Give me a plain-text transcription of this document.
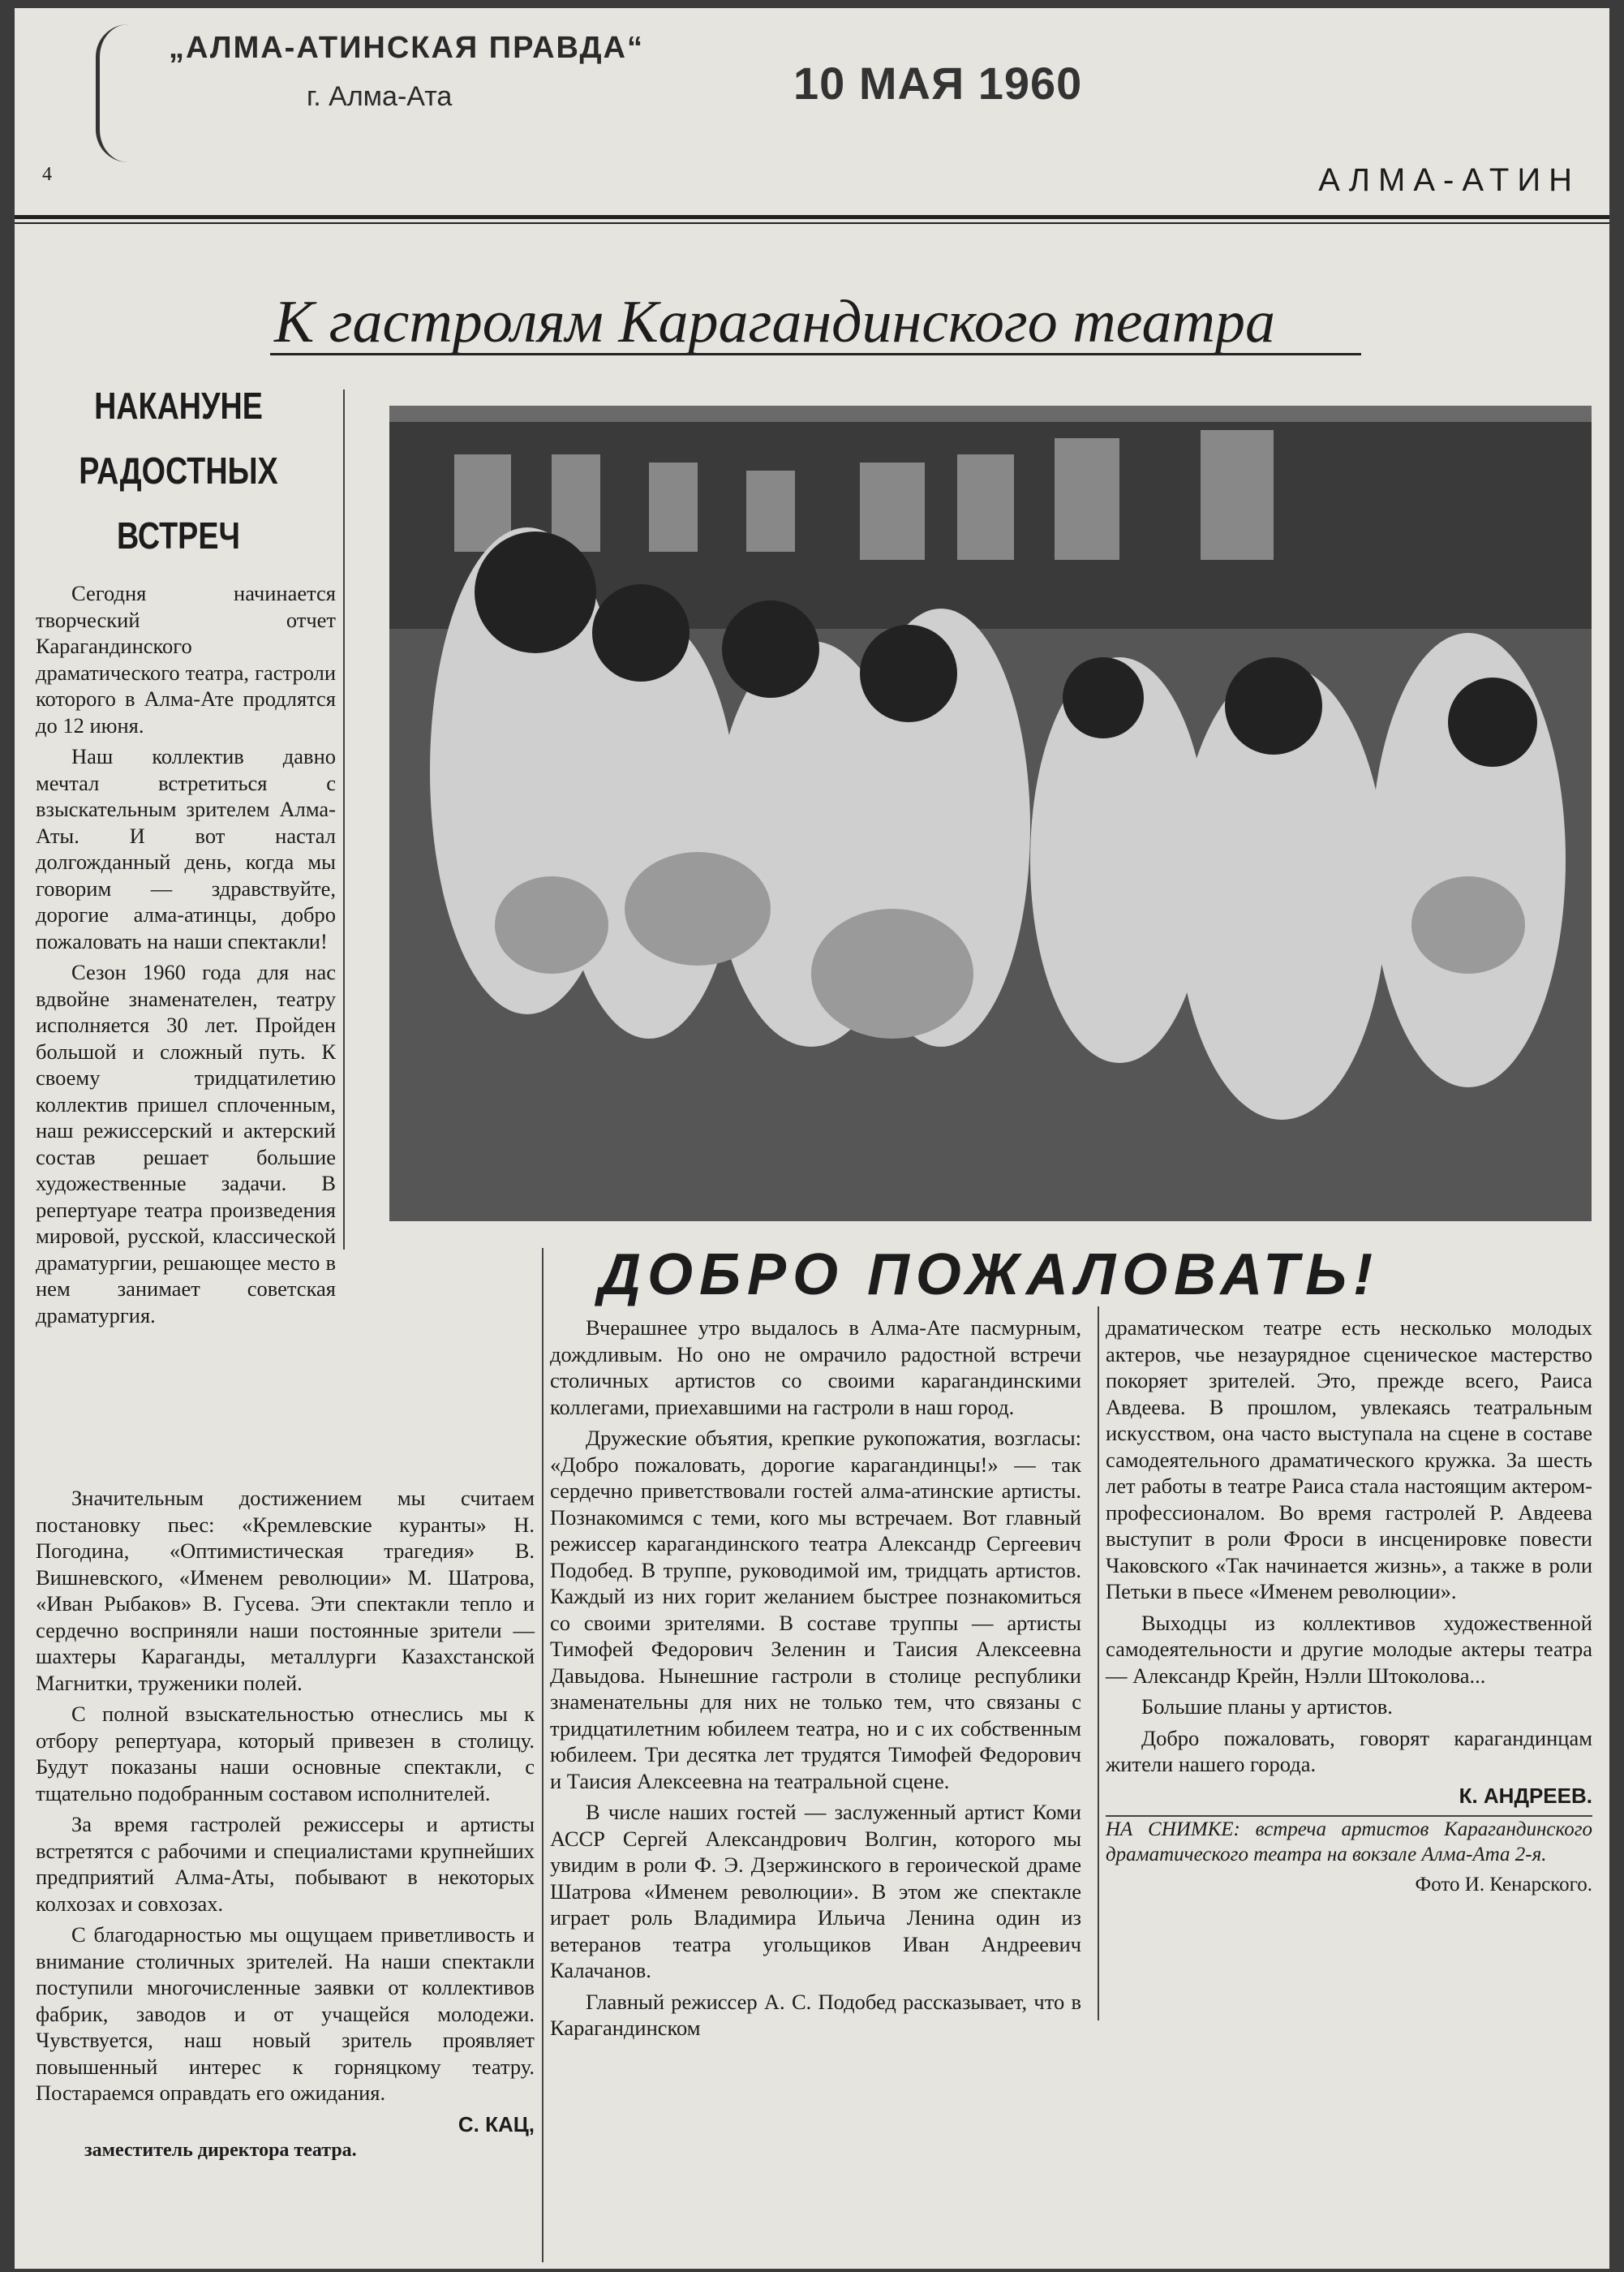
„АЛМА-АТИНСКАЯ ПРАВДА“
г. Алма-Ата	10 МАЯ 1960
4	АЛМА-АТИН
К гастролям Карагандинского театра
НАКАНУНЕ
РАДОСТНЫХ
ВСТРЕЧ

Сегодня начинается творческий отчет Карагандинского драматического театра, гастроли которого в Алма-Ате продлятся до 12 июня.

Наш коллектив давно мечтал встретиться с взыскательным зрителем Алма-Аты. И вот настал долгожданный день, когда мы говорим — здравствуйте, дорогие алма-атинцы, добро пожаловать на наши спектакли!

Сезон 1960 года для нас вдвойне знаменателен, театру исполняется 30 лет. Пройден большой и сложный путь. К своему тридцатилетию коллектив пришел сплоченным, наш режиссерский и актерский состав решает большие художественные задачи. В репертуаре театра произведения мировой, русской, классической драматургии, решающее место в нем занимает советская драматургия.

Значительным достижением мы считаем постановку пьес: «Кремлевские куранты» Н. Погодина, «Оптимистическая трагедия» В. Вишневского, «Именем революции» М. Шатрова, «Иван Рыбаков» В. Гусева. Эти спектакли тепло и сердечно восприняли наши постоянные зрители — шахтеры Караганды, металлурги Казахстанской Магнитки, труженики полей.

С полной взыскательностью отнеслись мы к отбору репертуара, который привезен в столицу. Будут показаны наши основные спектакли, с тщательно подобранным составом исполнителей.

За время гастролей режиссеры и артисты встретятся с рабочими и специалистами крупнейших предприятий Алма-Аты, побывают в некоторых колхозах и совхозах.

С благодарностью мы ощущаем приветливость и внимание столичных зрителей. На наши спектакли поступили многочисленные заявки от коллективов фабрик, заводов и от учащейся молодежи. Чувствуется, наш новый зритель проявляет повышенный интерес к горняцкому театру. Постараемся оправдать его ожидания.

С. КАЦ,
заместитель директора театра.
ДОБРО ПОЖАЛОВАТЬ!

Вчерашнее утро выдалось в Алма-Ате пасмурным, дождливым. Но оно не омрачило радостной встречи столичных артистов со своими карагандинскими коллегами, приехавшими на гастроли в наш город.

Дружеские объятия, крепкие рукопожатия, возгласы: «Добро пожаловать, дорогие карагандинцы!» — так сердечно приветствовали гостей алма-атинские артисты. Познакомимся с теми, кого мы встречаем. Вот главный режиссер карагандинского театра Александр Сергеевич Подобед. В труппе, руководимой им, тридцать артистов. Каждый из них горит желанием быстрее познакомиться со своими зрителями. В составе труппы — артисты Тимофей Федорович Зеленин и Таисия Алексеевна Давыдова. Нынешние гастроли в столице республики знаменательны для них не только тем, что связаны с тридцатилетним юбилеем театра, но и с их собственным юбилеем. Три десятка лет трудятся Тимофей Федорович и Таисия Алексеевна на театральной сцене.

В числе наших гостей — заслуженный артист Коми АССР Сергей Александрович Волгин, которого мы увидим в роли Ф. Э. Дзержинского в героической драме Шатрова «Именем революции». В этом же спектакле играет роль Владимира Ильича Ленина один из ветеранов театра угольщиков Иван Андреевич Калачанов.

Главный режиссер А. С. Подобед рассказывает, что в Карагандинском

драматическом театре есть несколько молодых актеров, чье незаурядное сценическое мастерство покоряет зрителей. Это, прежде всего, Раиса Авдеева. В прошлом, увлекаясь театральным искусством, она часто выступала на сцене в составе самодеятельного драматического кружка. За шесть лет работы в театре Раиса стала настоящим актером-профессионалом. Во время гастролей Р. Авдеева выступит в роли Фроси в инсценировке повести Чаковского «Так начинается жизнь», а также в роли Петьки в пьесе «Именем революции».

Выходцы из коллективов художественной самодеятельности и другие молодые актеры театра — Александр Крейн, Нэлли Штоколова...

Большие планы у артистов.

Добро пожаловать, говорят карагандинцам жители нашего города.

К. АНДРЕЕВ.

НА СНИМКЕ: встреча артистов Карагандинского драматического театра на вокзале Алма-Ата 2-я.

Фото И. Кенарского.
